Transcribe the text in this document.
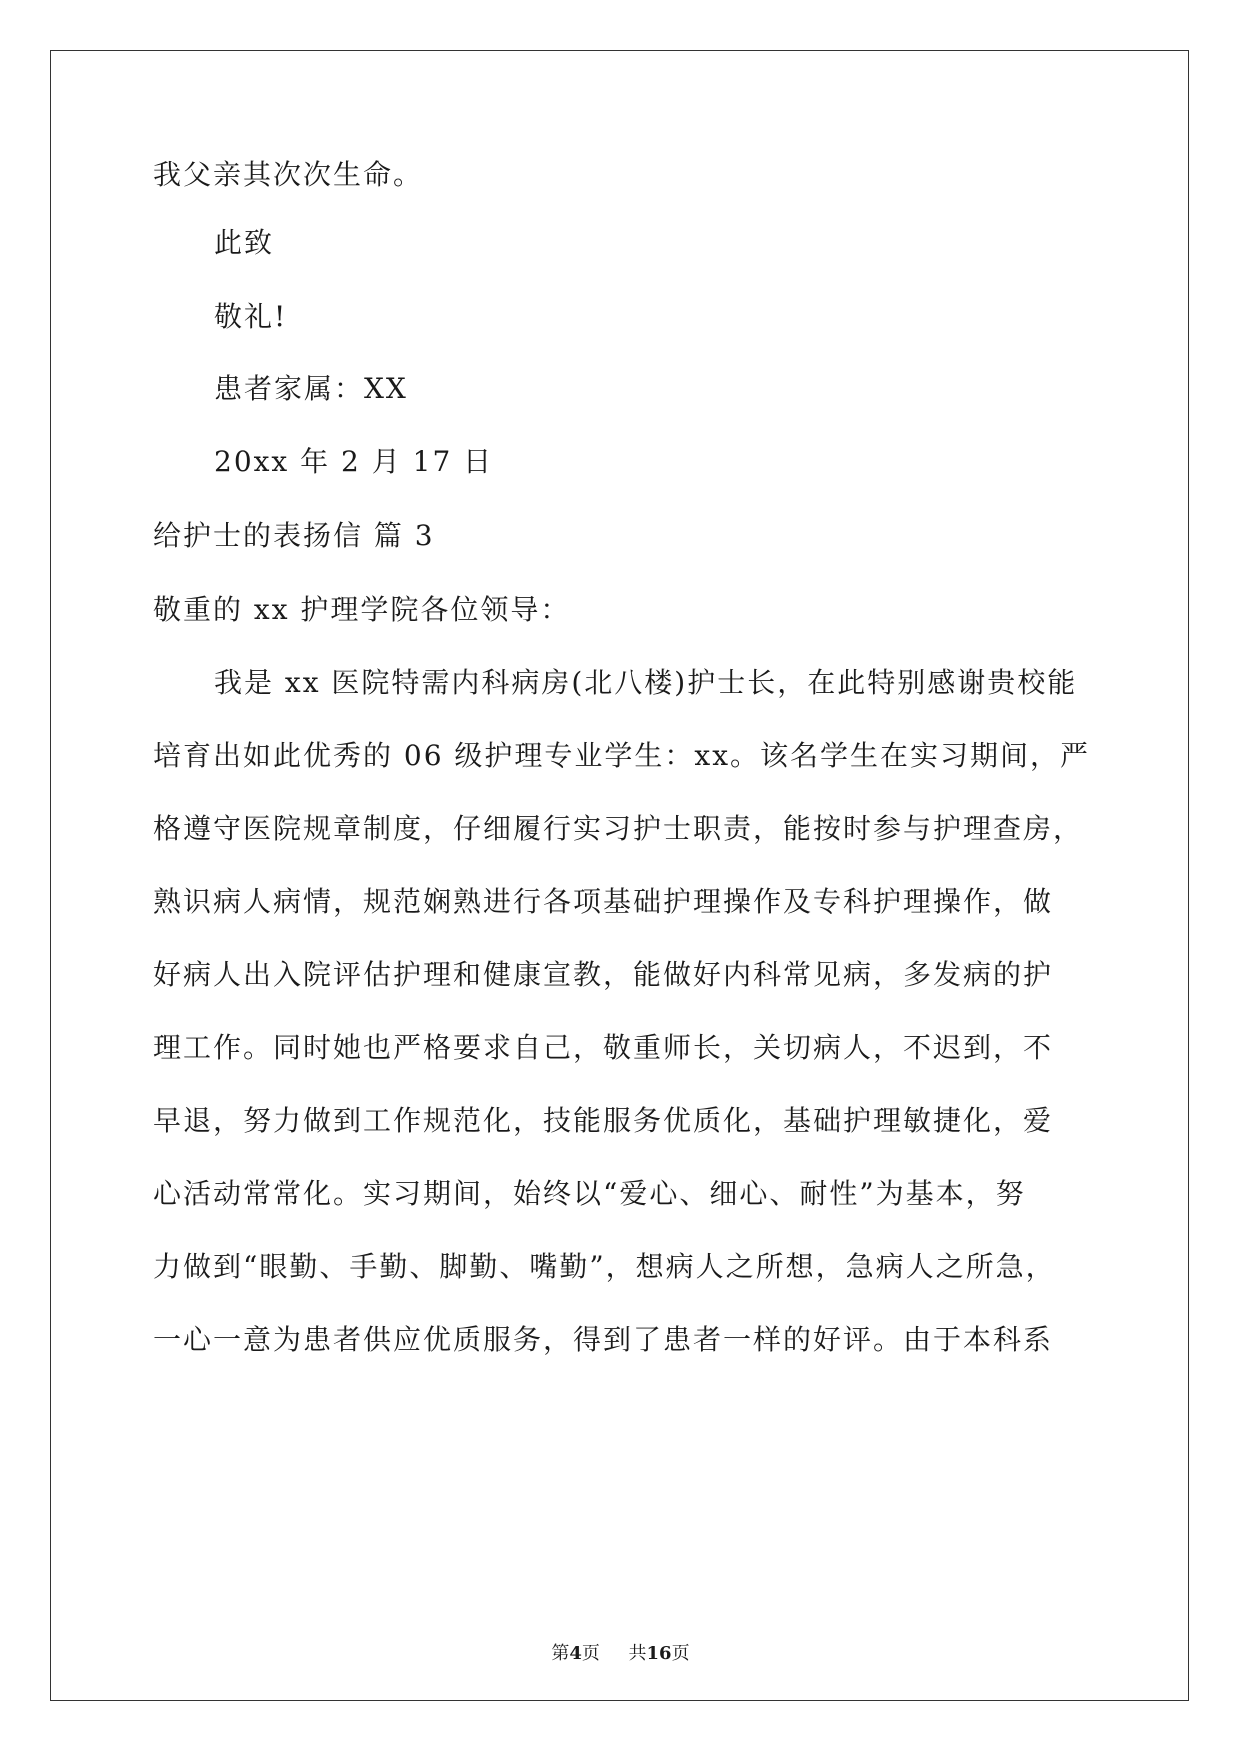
我父亲其次次生命。
此致
敬礼!
患者家属：XX
20xx 年 2 月 17 日
给护士的表扬信 篇 3
敬重的 xx 护理学院各位领导：
我是 xx 医院特需内科病房(北八楼)护士长，在此特别感谢贵校能
培育出如此优秀的 06 级护理专业学生：xx。该名学生在实习期间，严
格遵守医院规章制度，仔细履行实习护士职责，能按时参与护理查房，
熟识病人病情，规范娴熟进行各项基础护理操作及专科护理操作，做
好病人出入院评估护理和健康宣教，能做好内科常见病，多发病的护
理工作。同时她也严格要求自己，敬重师长，关切病人，不迟到，不
早退，努力做到工作规范化，技能服务优质化，基础护理敏捷化，爱
心活动常常化。实习期间，始终以“爱心、细心、耐性”为基本，努
力做到“眼勤、手勤、脚勤、嘴勤”，想病人之所想，急病人之所急，
一心一意为患者供应优质服务，得到了患者一样的好评。由于本科系
第4页 共16页
